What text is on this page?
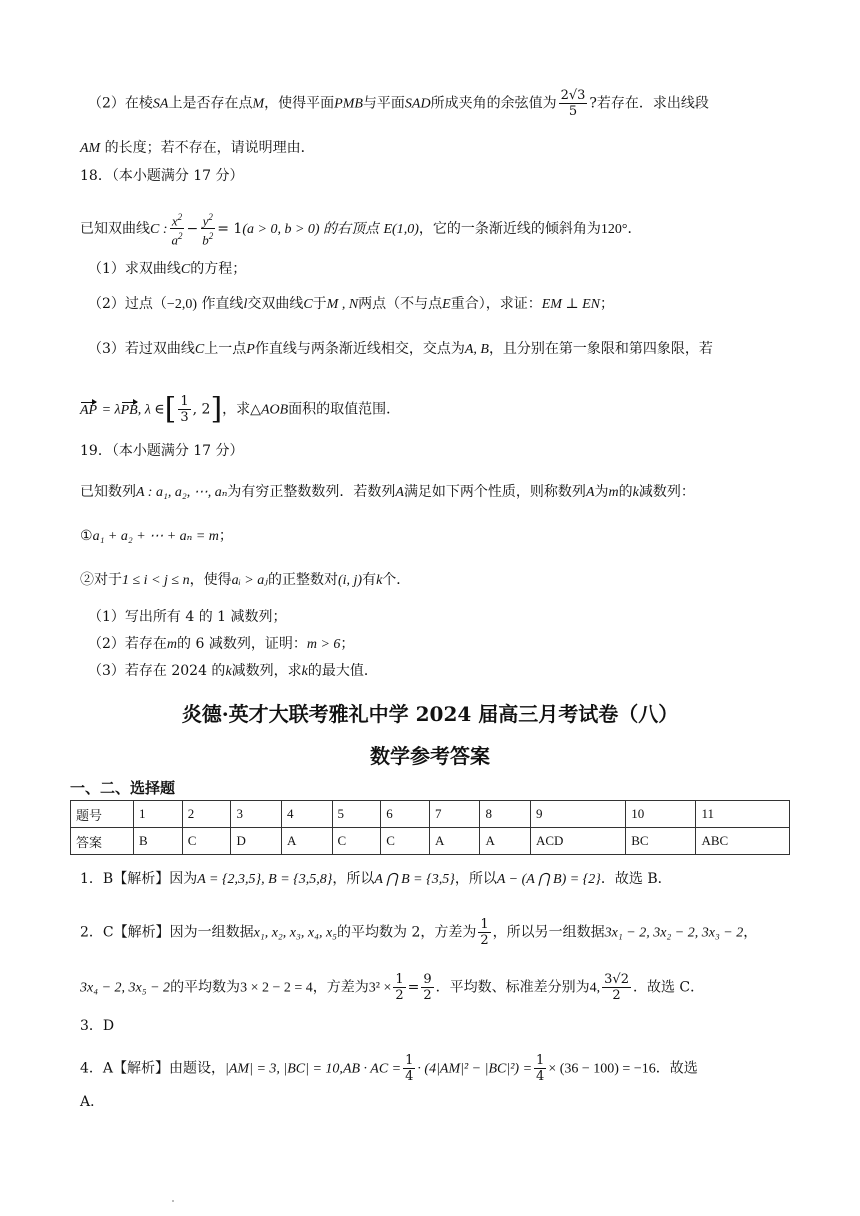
（2）在棱SA上是否存在点M，使得平面PMB与平面SAD所成夹角的余弦值为 $\frac{2√3}{5}$ ?若存在．求出线段
AM 的长度；若不存在，请说明理由．
18．（本小题满分 17 分）
已知双曲线C : $\frac{x^2}{a^2} - \frac{y^2}{b^2} = 1(a > 0$, b > 0) 的右顶点 E(1,0)，它的一条渐近线的倾斜角为120°．
（1）求双曲线C的方程；
（2）过点（−2,0) 作直线l交双曲线C于M , N两点（不与点E重合），求证：EM ⊥ EN；
（3）若过双曲线C上一点P作直线与两条渐近线相交，交点为A, B，且分别在第一象限和第四象限，若
AP = λPB, λ ∈[ $\frac{1}{3}$ , 2]，求△AOB面积的取值范围．
19．（本小题满分 17 分）
已知数列A : a₁, a₂, ⋯, aₙ为有穷正整数数列．若数列A满足如下两个性质，则称数列A为m的k减数列：
①a₁ + a₂ + ⋯ + aₙ = m；
②对于1 ≤ i < j ≤ n，使得aᵢ > aⱼ的正整数对(i, j)有k个．
（1）写出所有 4 的 1 减数列；
（2）若存在m的 6 减数列，证明：m > 6；
（3）若存在 2024 的k减数列，求k的最大值．
炎德·英才大联考雅礼中学 2024 届高三月考试卷（八）
数学参考答案
一、二、选择题
题号	1	2	3	4	5	6	7	8	9	10	11
答案	B	C	D	A	C	C	A	A	ACD	BC	ABC
1．B【解析】因为A = {2,3,5}, B = {3,5,8}，所以A ⋂ B = {3,5}，所以A − (A ⋂ B) = {2}．故选 B．
2．C【解析】因为一组数据x₁, x₂, x₃, x₄, x₅的平均数为 2，方差为 $\frac{1}{2}$ ，所以另一组数据3x₁ − 2, 3x₂ − 2, 3x₃ − 2，
3x₄ − 2, 3x₅ − 2的平均数为3 × 2 − 2 = 4，方差为$3^2 \times \frac{1}{2} = \frac{9}{2}$ ．平均数、标准差分别为4, $\frac{3√2}{2}$ ．故选 C．
3．D
4．A【解析】由题设，|AM| = 3, |BC| = 10,AB · AC = $\frac{1}{4} \cdot (4|AM|^2 - |BC|^2) = \frac{1}{4} \times (36 - 100) = -16$．故选
A．
